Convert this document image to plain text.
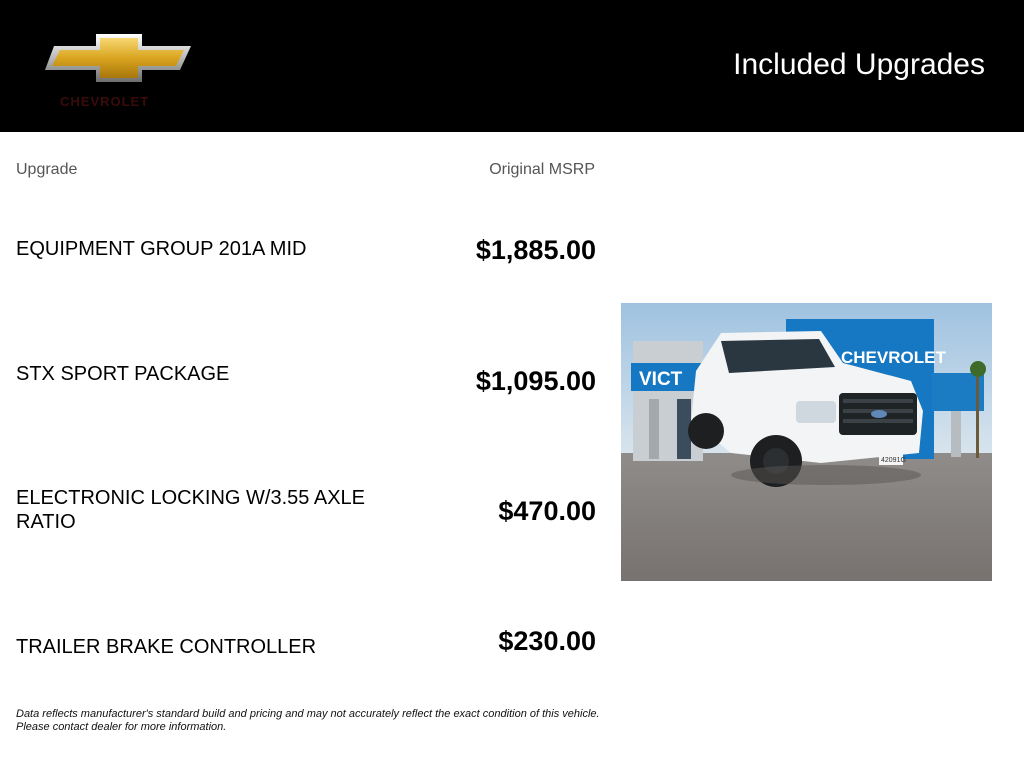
CHEVROLET
Included Upgrades
Upgrade	Original MSRP
EQUIPMENT GROUP 201A MID	$1,885.00
STX SPORT PACKAGE	$1,095.00
ELECTRONIC LOCKING W/3.55 AXLE RATIO	$470.00
TRAILER BRAKE CONTROLLER	$230.00
Data reflects manufacturer's standard build and pricing and may not accurately reflect the exact condition of this vehicle.
Please contact dealer for more information.
VICT
CHEVROLET
42091G
